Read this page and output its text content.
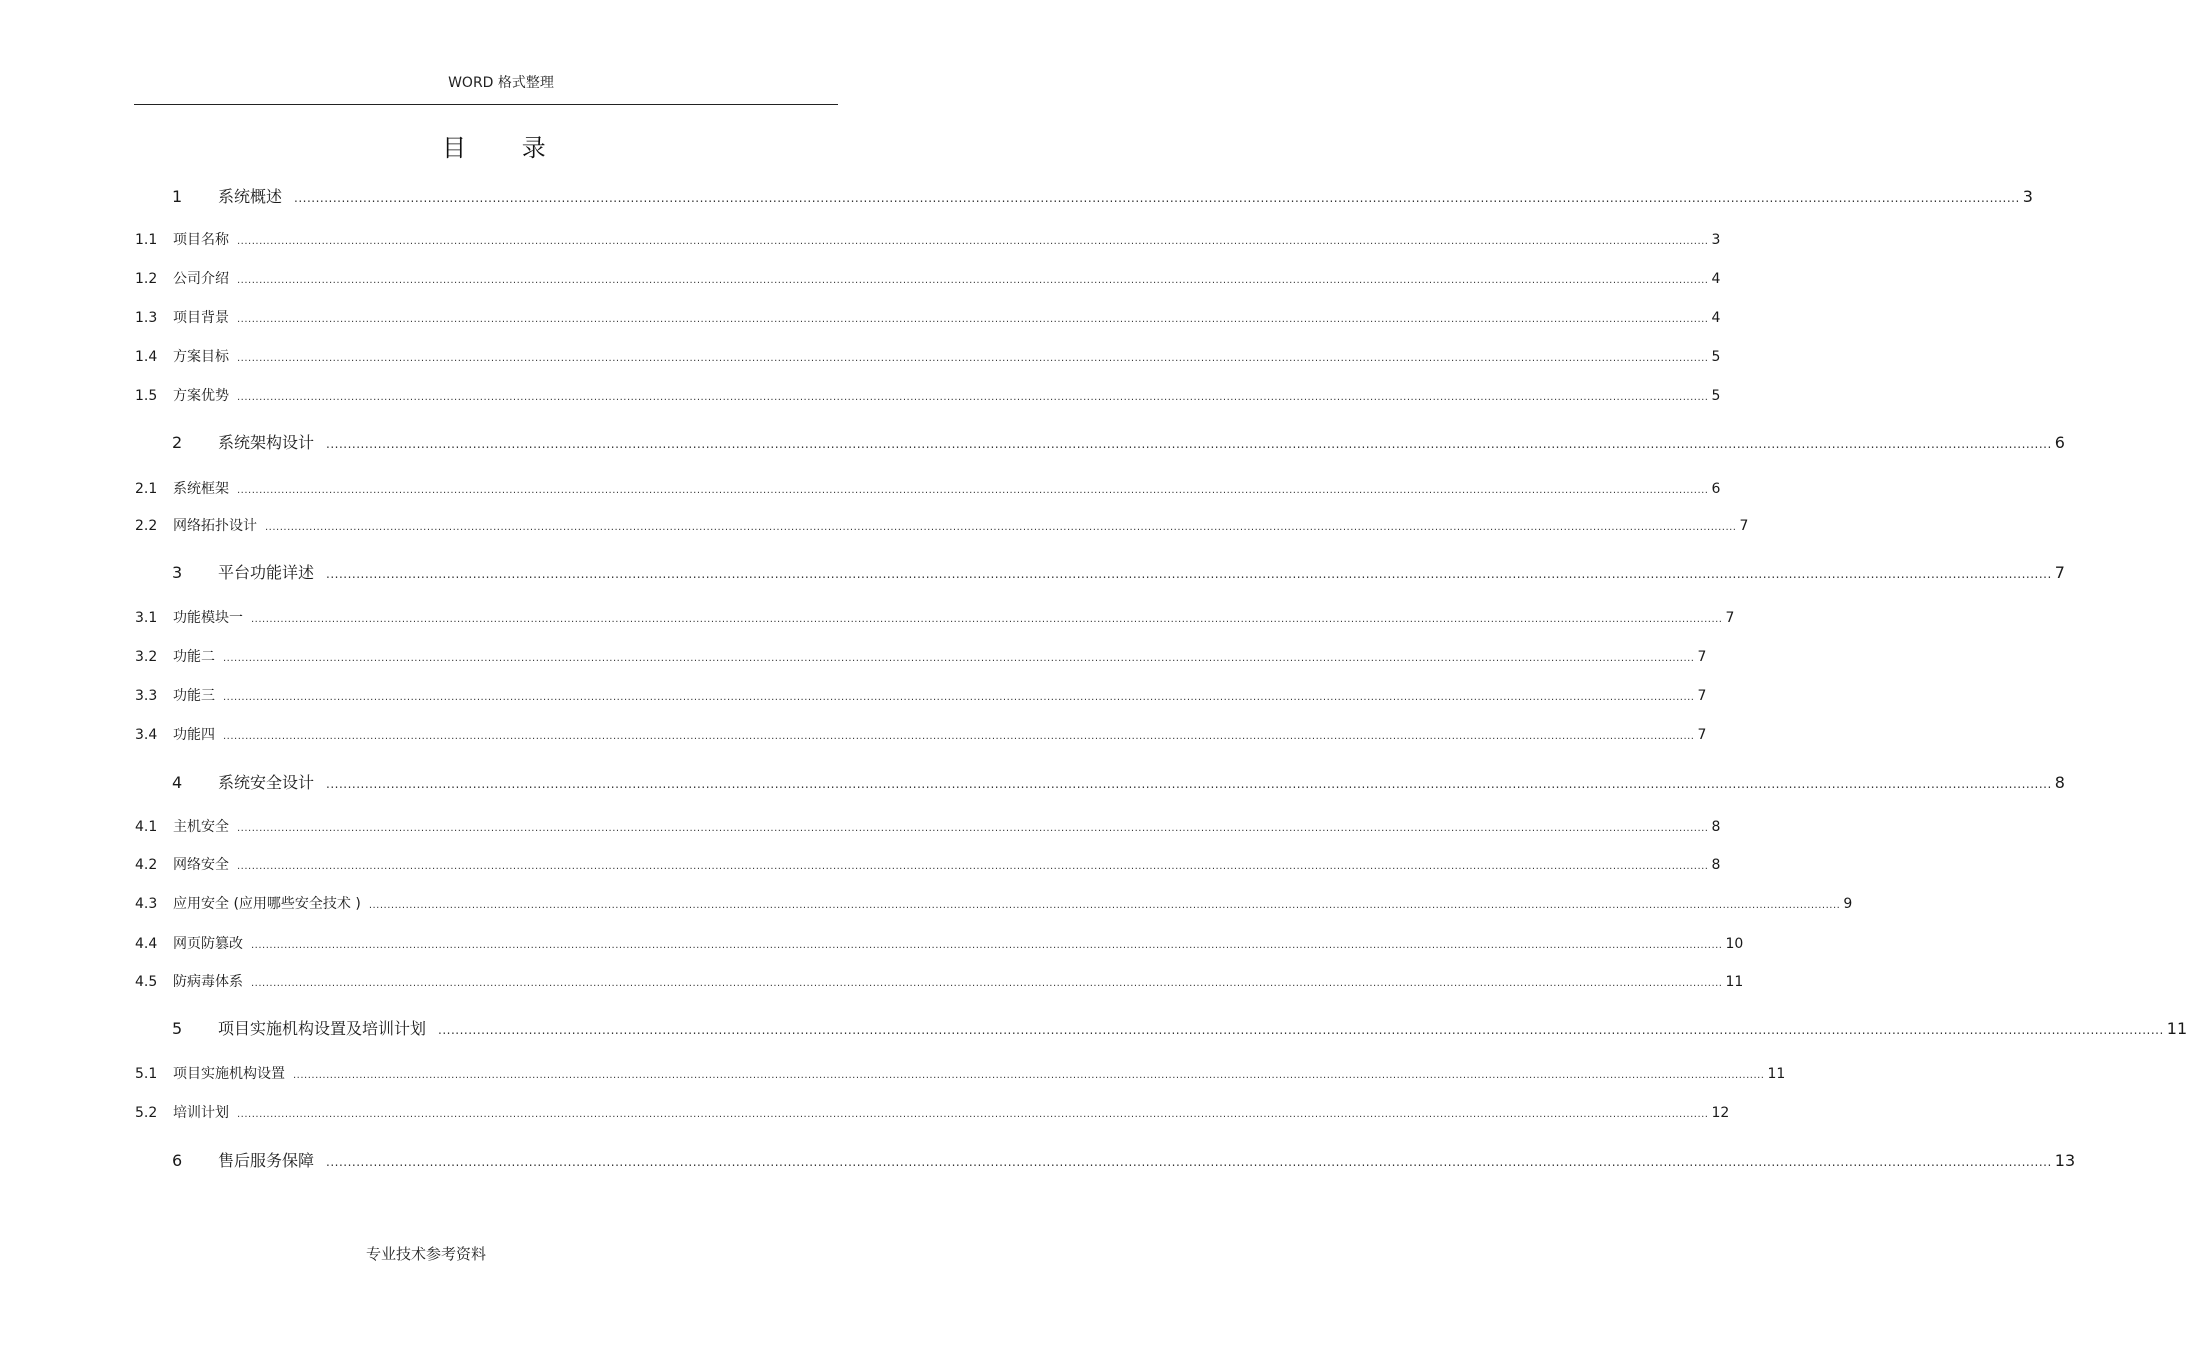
WORD 格式整理
目 录
1	系统概述 ................................................................................................................................................................................................................................................................................................................................................................................................................ 3
1.1	项目名称 ................................................................................................................................................................................................................................................................................................................................................................................................................ 3
1.2	公司介绍 ................................................................................................................................................................................................................................................................................................................................................................................................................ 4
1.3	项目背景 ................................................................................................................................................................................................................................................................................................................................................................................................................ 4
1.4	方案目标 ................................................................................................................................................................................................................................................................................................................................................................................................................ 5
1.5	方案优势 ................................................................................................................................................................................................................................................................................................................................................................................................................ 5
2	系统架构设计 ................................................................................................................................................................................................................................................................................................................................................................................................................ 6
2.1	系统框架 ................................................................................................................................................................................................................................................................................................................................................................................................................ 6
2.2	网络拓扑设计 ................................................................................................................................................................................................................................................................................................................................................................................................................ 7
3	平台功能详述 ................................................................................................................................................................................................................................................................................................................................................................................................................ 7
3.1	功能模块一 ................................................................................................................................................................................................................................................................................................................................................................................................................ 7
3.2	功能二 ................................................................................................................................................................................................................................................................................................................................................................................................................ 7
3.3	功能三 ................................................................................................................................................................................................................................................................................................................................................................................................................ 7
3.4	功能四 ................................................................................................................................................................................................................................................................................................................................................................................................................ 7
4	系统安全设计 ................................................................................................................................................................................................................................................................................................................................................................................................................ 8
4.1	主机安全 ................................................................................................................................................................................................................................................................................................................................................................................................................ 8
4.2	网络安全 ................................................................................................................................................................................................................................................................................................................................................................................................................ 8
4.3	应用安全 (应用哪些安全技术 ) ................................................................................................................................................................................................................................................................................................................................................................................................................ 9
4.4	网页防篡改 ................................................................................................................................................................................................................................................................................................................................................................................................................ 10
4.5	防病毒体系 ................................................................................................................................................................................................................................................................................................................................................................................................................ 11
5	项目实施机构设置及培训计划 ................................................................................................................................................................................................................................................................................................................................................................................................................ 11
5.1	项目实施机构设置 ................................................................................................................................................................................................................................................................................................................................................................................................................ 11
5.2	培训计划 ................................................................................................................................................................................................................................................................................................................................................................................................................ 12
6	售后服务保障 ................................................................................................................................................................................................................................................................................................................................................................................................................ 13
专业技术参考资料
